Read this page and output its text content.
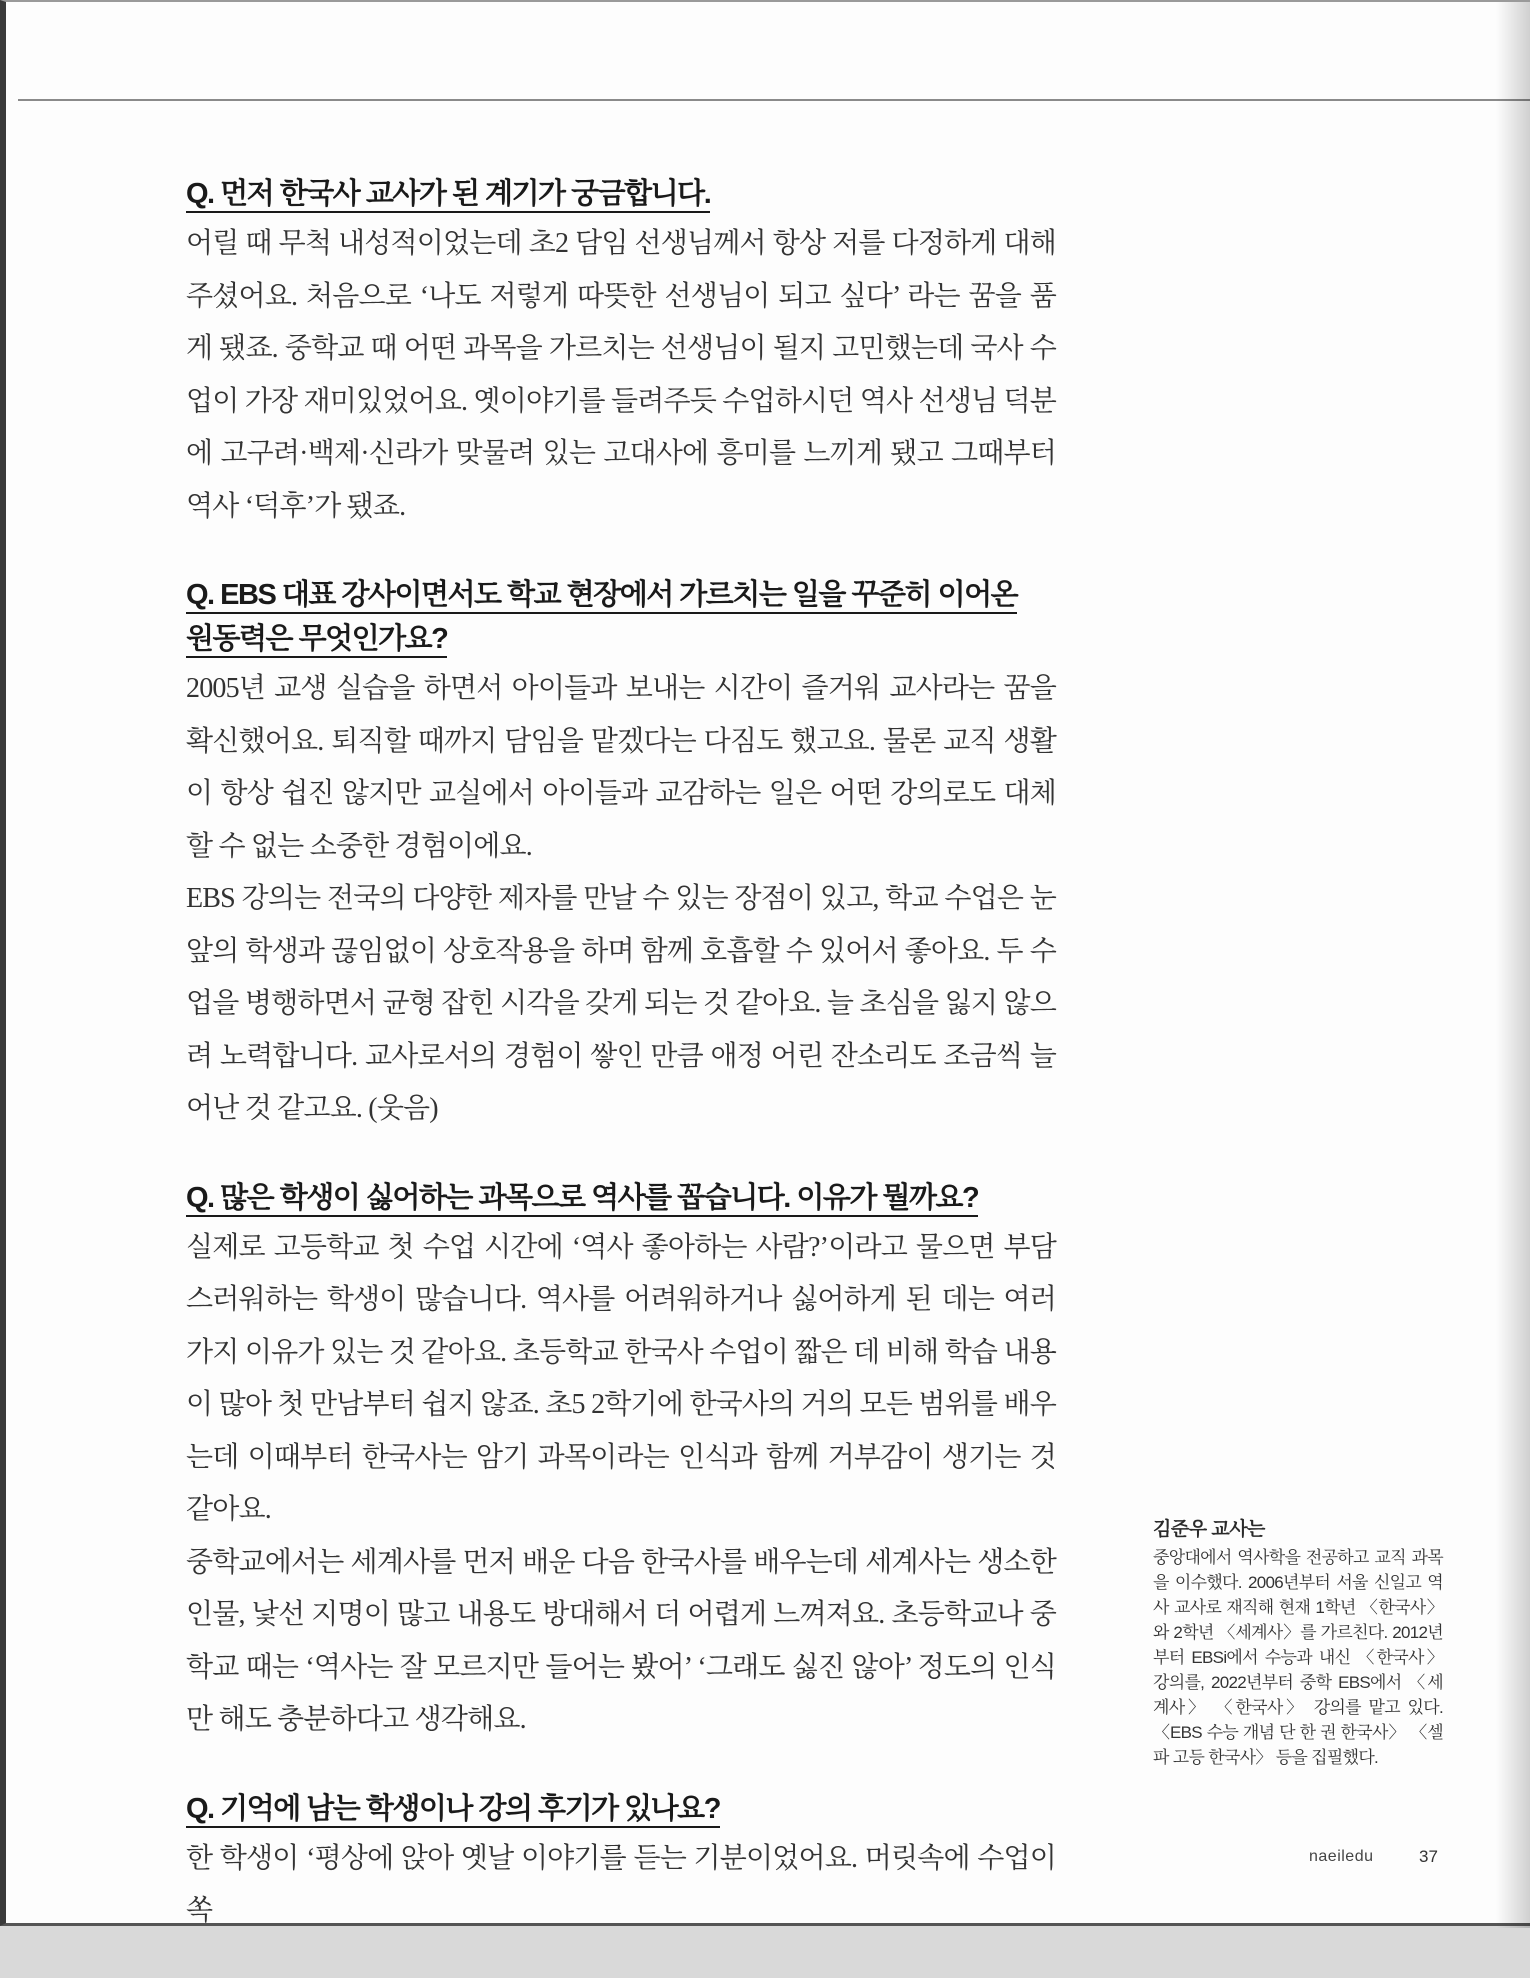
Q. 먼저 한국사 교사가 된 계기가 궁금합니다.

어릴 때 무척 내성적이었는데 초2 담임 선생님께서 항상 저를 다정하게 대해 주셨어요. 처음으로 ‘나도 저렇게 따뜻한 선생님이 되고 싶다’ 라는 꿈을 품게 됐죠. 중학교 때 어떤 과목을 가르치는 선생님이 될지 고민했는데 국사 수업이 가장 재미있었어요. 옛이야기를 들려주듯 수업하시던 역사 선생님 덕분에 고구려·백제·신라가 맞물려 있는 고대사에 흥미를 느끼게 됐고 그때부터 역사 ‘덕후’가 됐죠.

Q. EBS 대표 강사이면서도 학교 현장에서 가르치는 일을 꾸준히 이어온
원동력은 무엇인가요?

2005년 교생 실습을 하면서 아이들과 보내는 시간이 즐거워 교사라는 꿈을 확신했어요. 퇴직할 때까지 담임을 맡겠다는 다짐도 했고요. 물론 교직 생활이 항상 쉽진 않지만 교실에서 아이들과 교감하는 일은 어떤 강의로도 대체할 수 없는 소중한 경험이에요.

EBS 강의는 전국의 다양한 제자를 만날 수 있는 장점이 있고, 학교 수업은 눈앞의 학생과 끊임없이 상호작용을 하며 함께 호흡할 수 있어서 좋아요. 두 수업을 병행하면서 균형 잡힌 시각을 갖게 되는 것 같아요. 늘 초심을 잃지 않으려 노력합니다. 교사로서의 경험이 쌓인 만큼 애정 어린 잔소리도 조금씩 늘어난 것 같고요. (웃음)

Q. 많은 학생이 싫어하는 과목으로 역사를 꼽습니다. 이유가 뭘까요?

실제로 고등학교 첫 수업 시간에 ‘역사 좋아하는 사람?’이라고 물으면 부담스러워하는 학생이 많습니다. 역사를 어려워하거나 싫어하게 된 데는 여러 가지 이유가 있는 것 같아요. 초등학교 한국사 수업이 짧은 데 비해 학습 내용이 많아 첫 만남부터 쉽지 않죠. 초5 2학기에 한국사의 거의 모든 범위를 배우는데 이때부터 한국사는 암기 과목이라는 인식과 함께 거부감이 생기는 것 같아요.

중학교에서는 세계사를 먼저 배운 다음 한국사를 배우는데 세계사는 생소한 인물, 낯선 지명이 많고 내용도 방대해서 더 어렵게 느껴져요. 초등학교나 중학교 때는 ‘역사는 잘 모르지만 들어는 봤어’ ‘그래도 싫진 않아’ 정도의 인식만 해도 충분하다고 생각해요.

Q. 기억에 남는 학생이나 강의 후기가 있나요?

한 학생이 ‘평상에 앉아 옛날 이야기를 듣는 기분이었어요. 머릿속에 수업이 쏙

김준우 교사는
중앙대에서 역사학을 전공하고 교직 과목을 이수했다. 2006년부터 서울 신일고 역사 교사로 재직해 현재 1학년 〈한국사〉와 2학년 〈세계사〉를 가르친다. 2012년부터 EBSi에서 수능과 내신 〈한국사〉 강의를, 2022년부터 중학 EBS에서 〈세계사〉 〈한국사〉 강의를 맡고 있다. 〈EBS 수능 개념 단 한 권 한국사〉 〈셀파 고등 한국사〉 등을 집필했다.
naeiledu	37
